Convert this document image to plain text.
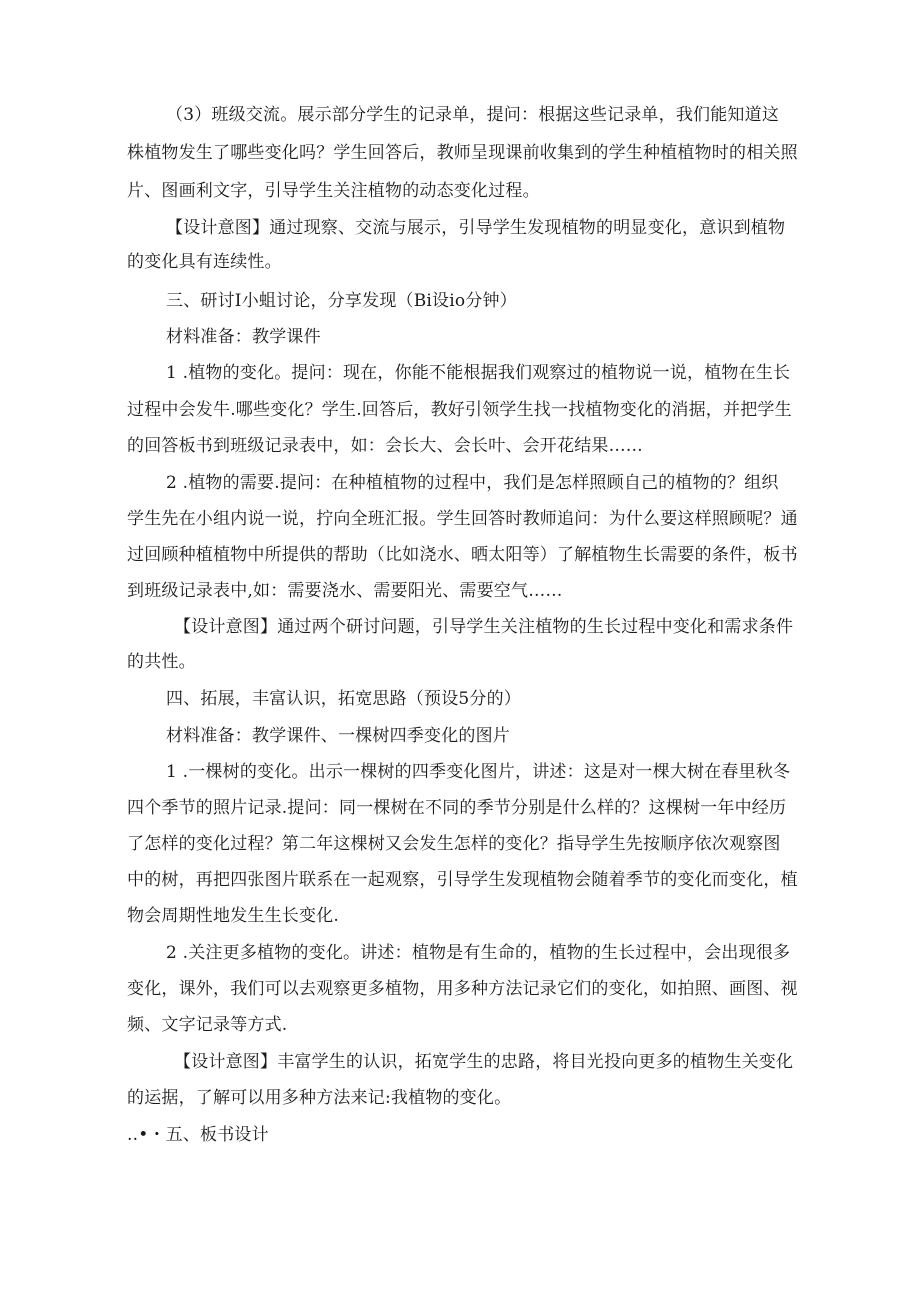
（3）班级交流。展示部分学生的记录单，提问：根据这些记录单，我们能知道这
株植物发生了哪些变化吗？学生回答后，教师呈现课前收集到的学生种植植物时的相关照
片、图画利文字，引导学生关注植物的动态变化过程。
【设计意图】通过现察、交流与展示，引导学生发现植物的明显变化，意识到植物
的变化具有连续性。
三、研讨I小蛆讨论，分享发现（Bi设io分钟）
材料准备：教学课件
1 .植物的变化。提问：现在，你能不能根据我们观察过的植物说一说，植物在生长
过程中会发牛.哪些变化？学生.回答后，教好引领学生找一找植物变化的消据，并把学生
的回答板书到班级记录表中，如：会长大、会长叶、会开花结果……
2 .植物的需要.提问：在种植植物的过程中，我们是怎样照顾自己的植物的？组织
学生先在小组内说一说，拧向全班汇报。学生回答时教师追问：为什么要这样照顾呢？通
过回顾种植植物中所提供的帮助（比如浇水、晒太阳等）了解植物生长需要的条件，板书
到班级记录表中,如：需要浇水、需要阳光、需要空气……
【设计意图】通过两个研讨问题，引导学生关注植物的生长过程中变化和需求条件
的共性。
四、拓展，丰富认识，拓宽思路（预设5分的）
材料准备：教学课件、一棵树四季变化的图片
1 .一棵树的变化。出示一棵树的四季变化图片，讲述：这是对一棵大树在春里秋冬
四个季节的照片记录.提问：同一棵树在不同的季节分别是什么样的？这棵树一年中经历
了怎样的变化过程？第二年这棵树又会发生怎样的变化？指导学生先按顺序依次观察图
中的树，再把四张图片联系在一起观察，引导学生发现植物会随着季节的变化而变化，植
物会周期性地发生生长变化.
2 .关注更多植物的变化。讲述：植物是有生命的，植物的生长过程中，会出现很多
变化，课外，我们可以去观察更多植物，用多种方法记录它们的变化，如拍照、画图、视
频、文字记录等方式.
【设计意图】丰富学生的认识，拓宽学生的忠路，将目光投向更多的植物生关变化
的运据，了解可以用多种方法来记:我植物的变化。
..•・五、板书设计
